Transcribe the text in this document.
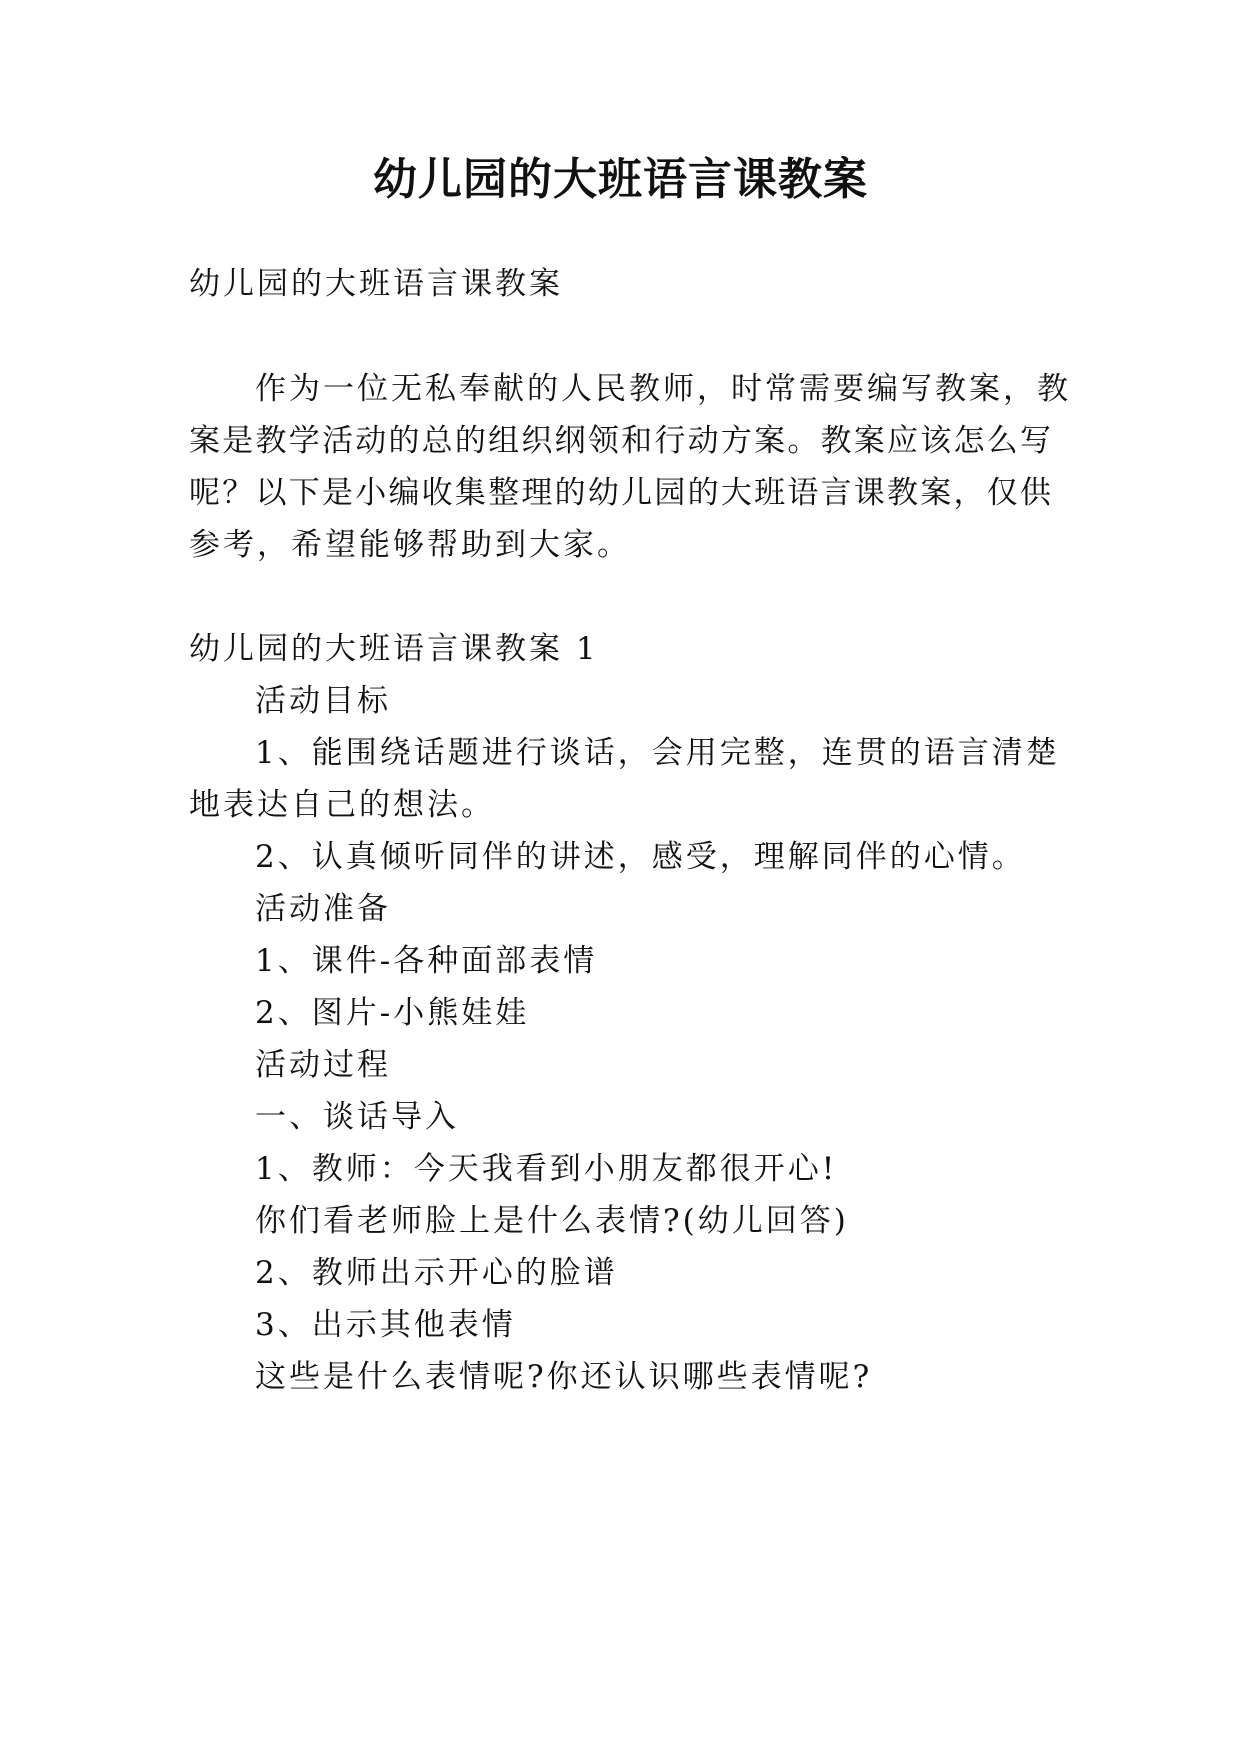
幼儿园的大班语言课教案
幼儿园的大班语言课教案
作为一位无私奉献的人民教师，时常需要编写教案，教
案是教学活动的总的组织纲领和行动方案。教案应该怎么写
呢？以下是小编收集整理的幼儿园的大班语言课教案，仅供
参考，希望能够帮助到大家。
幼儿园的大班语言课教案 1
活动目标
1、能围绕话题进行谈话，会用完整，连贯的语言清楚
地表达自己的想法。
2、认真倾听同伴的讲述，感受，理解同伴的心情。
活动准备
1、课件-各种面部表情
2、图片-小熊娃娃
活动过程
一、谈话导入
1、教师：今天我看到小朋友都很开心!
你们看老师脸上是什么表情?(幼儿回答)
2、教师出示开心的脸谱
3、出示其他表情
这些是什么表情呢?你还认识哪些表情呢?
